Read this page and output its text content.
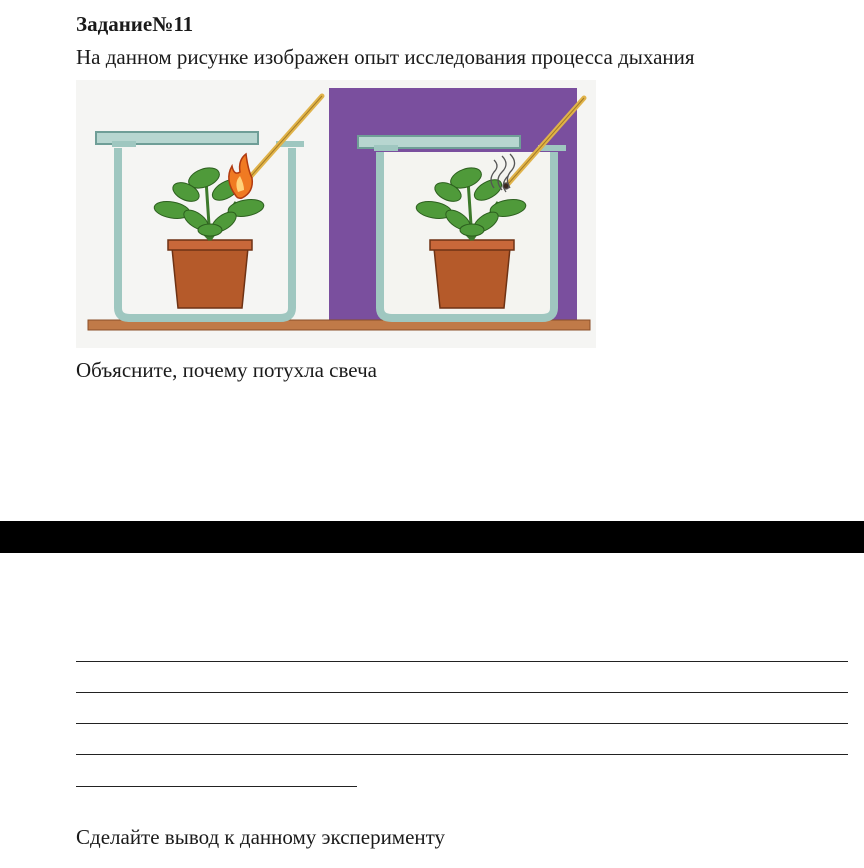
Задание№11

На данном рисунке изображен опыт исследования процесса дыхания

Объясните, почему потухла свеча

Сделайте вывод к данному эксперименту
